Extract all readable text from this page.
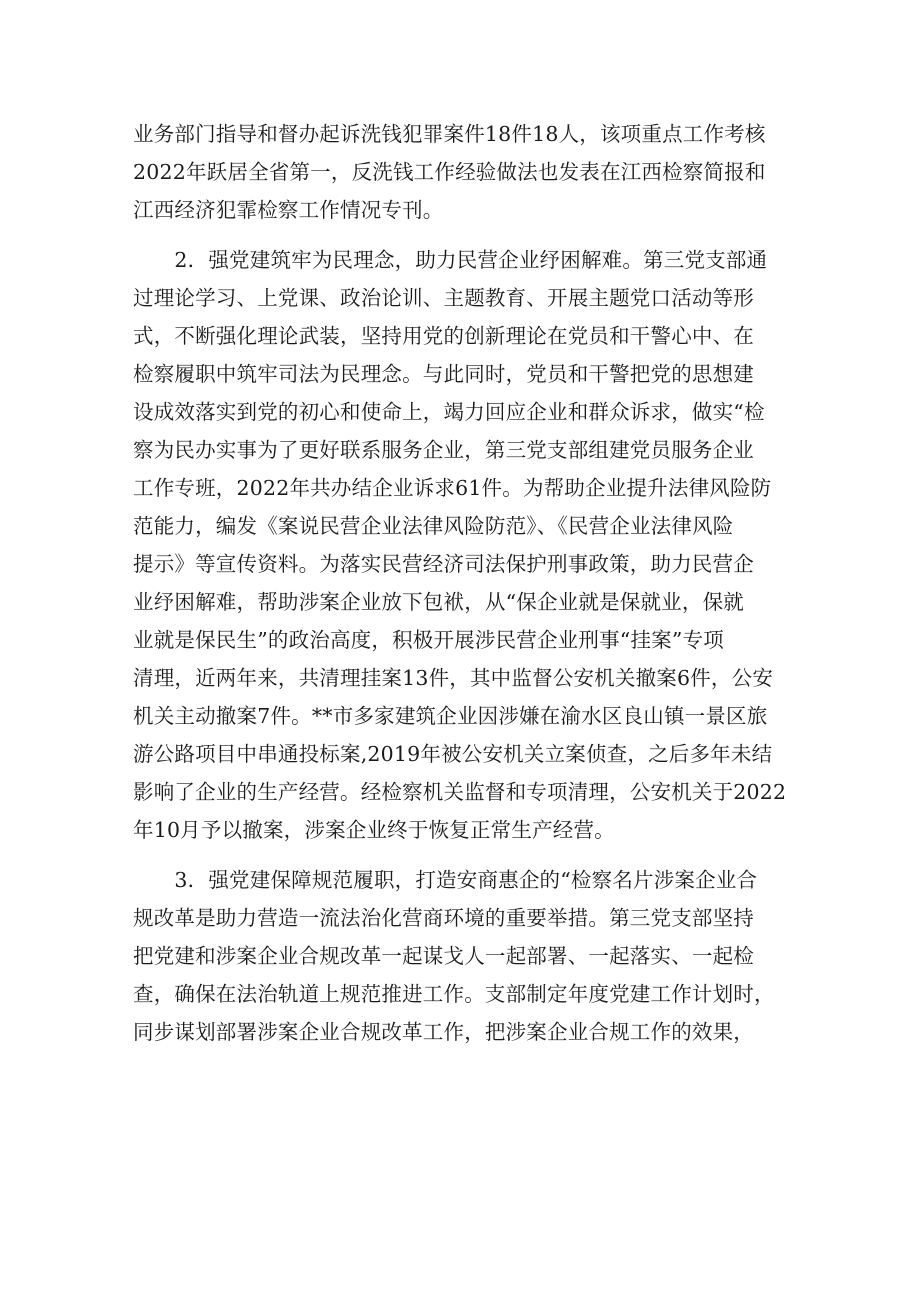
业务部门指导和督办起诉洗钱犯罪案件18件18人，该项重点工作考核
2022年跃居全省第一，反洗钱工作经验做法也发表在江西检察简报和
江西经济犯霏检察工作情况专刊。
　　2．强党建筑牢为民理念，助力民营企业纾困解难。第三党支部通
过理论学习、上党课、政治论训、主题教育、开展主题党口活动等形
式，不断强化理论武装，坚持用党的创新理论在党员和干警心中、在
检察履职中筑牢司法为民理念。与此同时，党员和干警把党的思想建
设成效落实到党的初心和使命上，竭力回应企业和群众诉求，做实“检
察为民办实事为了更好联系服务企业，第三党支部组建党员服务企业
工作专班，2022年共办结企业诉求61件。为帮助企业提升法律风险防
范能力，编发《案说民营企业法律风险防范》、《民营企业法律风险
提示》等宣传资料。为落实民营经济司法保护刑事政策，助力民营企
业纾困解难，帮助涉案企业放下包袱，从“保企业就是保就业，保就
业就是保民生”的政治高度，积极开展涉民营企业刑事“挂案”专项
清理，近两年来，共清理挂案13件，其中监督公安机关撤案6件，公安
机关主动撤案7件。**市多家建筑企业因涉嫌在渝水区良山镇一景区旅
游公路项目中串通投标案,2019年被公安机关立案侦查，之后多年未结
影响了企业的生产经营。经检察机关监督和专项清理，公安机关于2022
年10月予以撤案，涉案企业终于恢复正常生产经营。
　　3．强党建保障规范履职，打造安商惠企的“检察名片涉案企业合
规改革是助力营造一流法治化营商环境的重要举措。第三党支部坚持
把党建和涉案企业合规改革一起谋戈人一起部署、一起落实、一起检
查，确保在法治轨道上规范推进工作。支部制定年度党建工作计划时，
同步谋划部署涉案企业合规改革工作，把涉案企业合规工作的效果，
